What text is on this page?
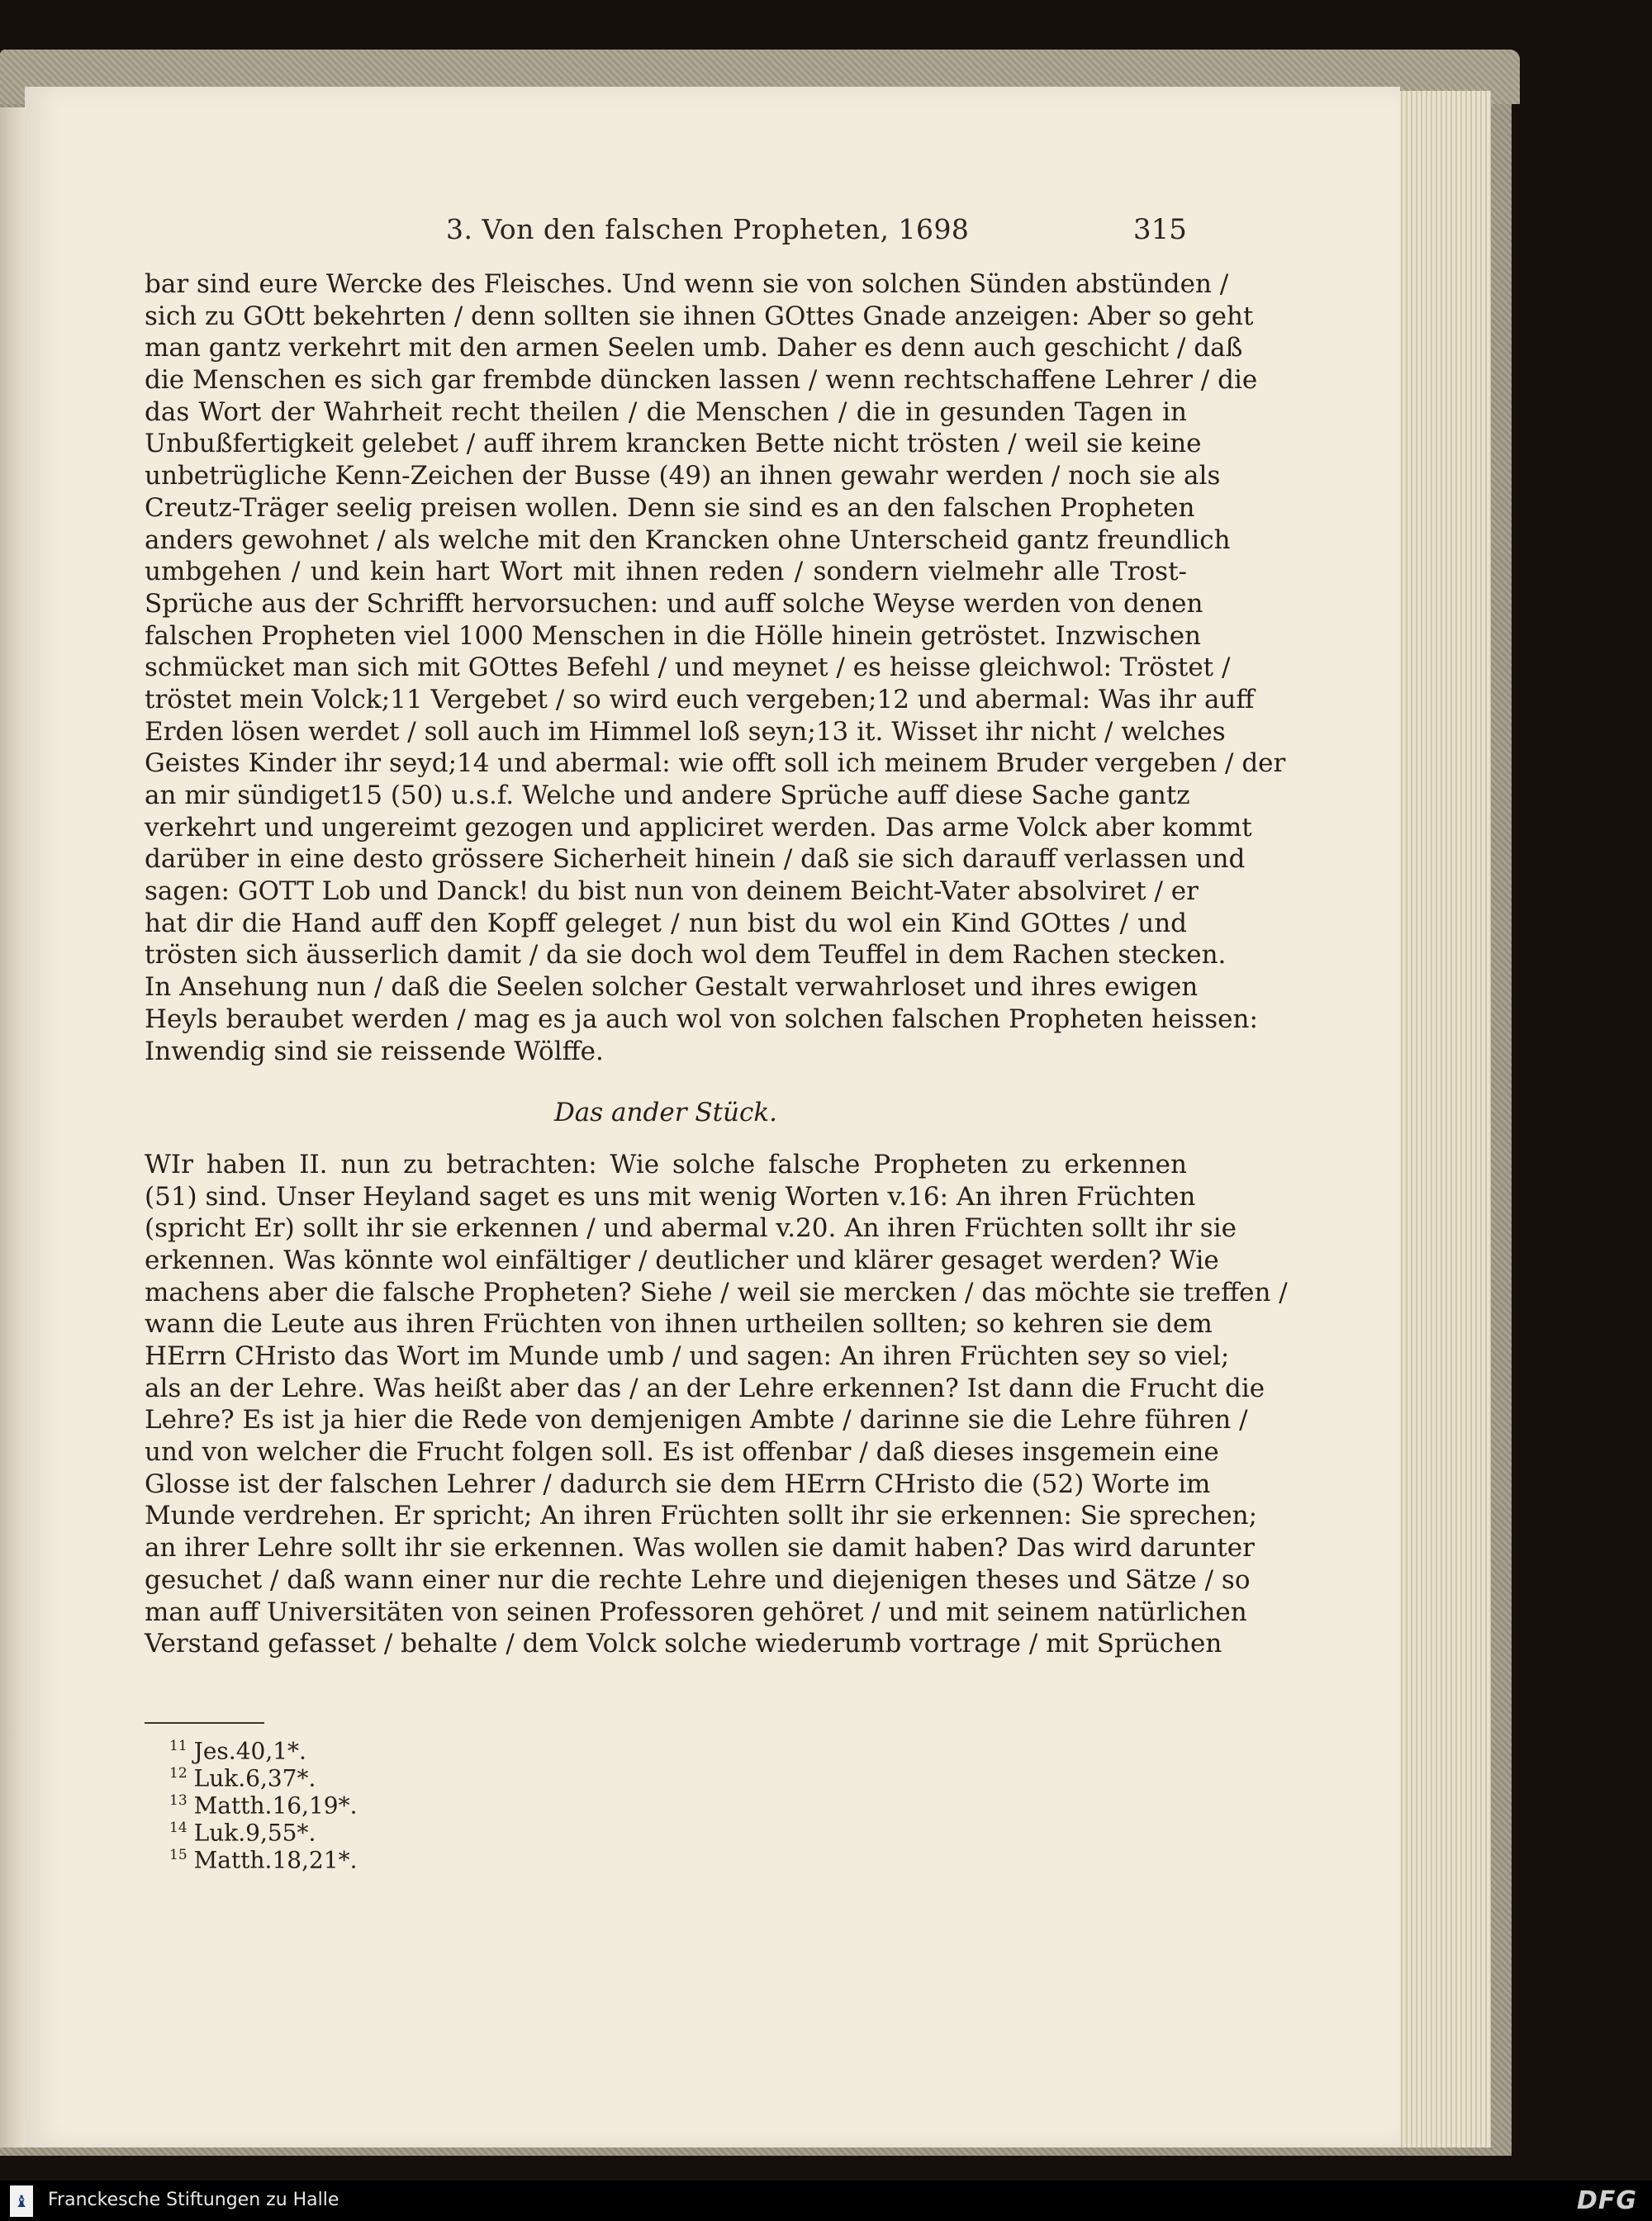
3. Von den falschen Propheten, 1698	315
bar sind eure Wercke des Fleisches. Und wenn sie von solchen Sünden abstünden /
sich zu GOtt bekehrten / denn sollten sie ihnen GOttes Gnade anzeigen: Aber so geht
man gantz verkehrt mit den armen Seelen umb. Daher es denn auch geschicht / daß
die Menschen es sich gar frembde düncken lassen / wenn rechtschaffene Lehrer / die
das Wort der Wahrheit recht theilen / die Menschen / die in gesunden Tagen in
Unbußfertigkeit gelebet / auff ihrem krancken Bette nicht trösten / weil sie keine
unbetrügliche Kenn-Zeichen der Busse (49) an ihnen gewahr werden / noch sie als
Creutz-Träger seelig preisen wollen. Denn sie sind es an den falschen Propheten
anders gewohnet / als welche mit den Krancken ohne Unterscheid gantz freundlich
umbgehen / und kein hart Wort mit ihnen reden / sondern vielmehr alle Trost-
Sprüche aus der Schrifft hervorsuchen: und auff solche Weyse werden von denen
falschen Propheten viel 1000 Menschen in die Hölle hinein getröstet. Inzwischen
schmücket man sich mit GOttes Befehl / und meynet / es heisse gleichwol: Tröstet /
tröstet mein Volck;11 Vergebet / so wird euch vergeben;12 und abermal: Was ihr auff
Erden lösen werdet / soll auch im Himmel loß seyn;13 it. Wisset ihr nicht / welches
Geistes Kinder ihr seyd;14 und abermal: wie offt soll ich meinem Bruder vergeben / der
an mir sündiget15 (50) u.s.f. Welche und andere Sprüche auff diese Sache gantz
verkehrt und ungereimt gezogen und appliciret werden. Das arme Volck aber kommt
darüber in eine desto grössere Sicherheit hinein / daß sie sich darauff verlassen und
sagen: GOTT Lob und Danck! du bist nun von deinem Beicht-Vater absolviret / er
hat dir die Hand auff den Kopff geleget / nun bist du wol ein Kind GOttes / und
trösten sich äusserlich damit / da sie doch wol dem Teuffel in dem Rachen stecken.
In Ansehung nun / daß die Seelen solcher Gestalt verwahrloset und ihres ewigen
Heyls beraubet werden / mag es ja auch wol von solchen falschen Propheten heissen:
Inwendig sind sie reissende Wölffe.
Das ander Stück.
WIr haben II. nun zu betrachten: Wie solche falsche Propheten zu erkennen
(51) sind. Unser Heyland saget es uns mit wenig Worten v.16: An ihren Früchten
(spricht Er) sollt ihr sie erkennen / und abermal v.20. An ihren Früchten sollt ihr sie
erkennen. Was könnte wol einfältiger / deutlicher und klärer gesaget werden? Wie
machens aber die falsche Propheten? Siehe / weil sie mercken / das möchte sie treffen /
wann die Leute aus ihren Früchten von ihnen urtheilen sollten; so kehren sie dem
HErrn CHristo das Wort im Munde umb / und sagen: An ihren Früchten sey so viel;
als an der Lehre. Was heißt aber das / an der Lehre erkennen? Ist dann die Frucht die
Lehre? Es ist ja hier die Rede von demjenigen Ambte / darinne sie die Lehre führen /
und von welcher die Frucht folgen soll. Es ist offenbar / daß dieses insgemein eine
Glosse ist der falschen Lehrer / dadurch sie dem HErrn CHristo die (52) Worte im
Munde verdrehen. Er spricht; An ihren Früchten sollt ihr sie erkennen: Sie sprechen;
an ihrer Lehre sollt ihr sie erkennen. Was wollen sie damit haben? Das wird darunter
gesuchet / daß wann einer nur die rechte Lehre und diejenigen theses und Sätze / so
man auff Universitäten von seinen Professoren gehöret / und mit seinem natürlichen
Verstand gefasset / behalte / dem Volck solche wiederumb vortrage / mit Sprüchen
$^{11}$ Jes.40,1*.
$^{12}$ Luk.6,37*.
$^{13}$ Matth.16,19*.
$^{14}$ Luk.9,55*.
$^{15}$ Matth.18,21*.
♝ Franckesche Stiftungen zu Halle	DFG
